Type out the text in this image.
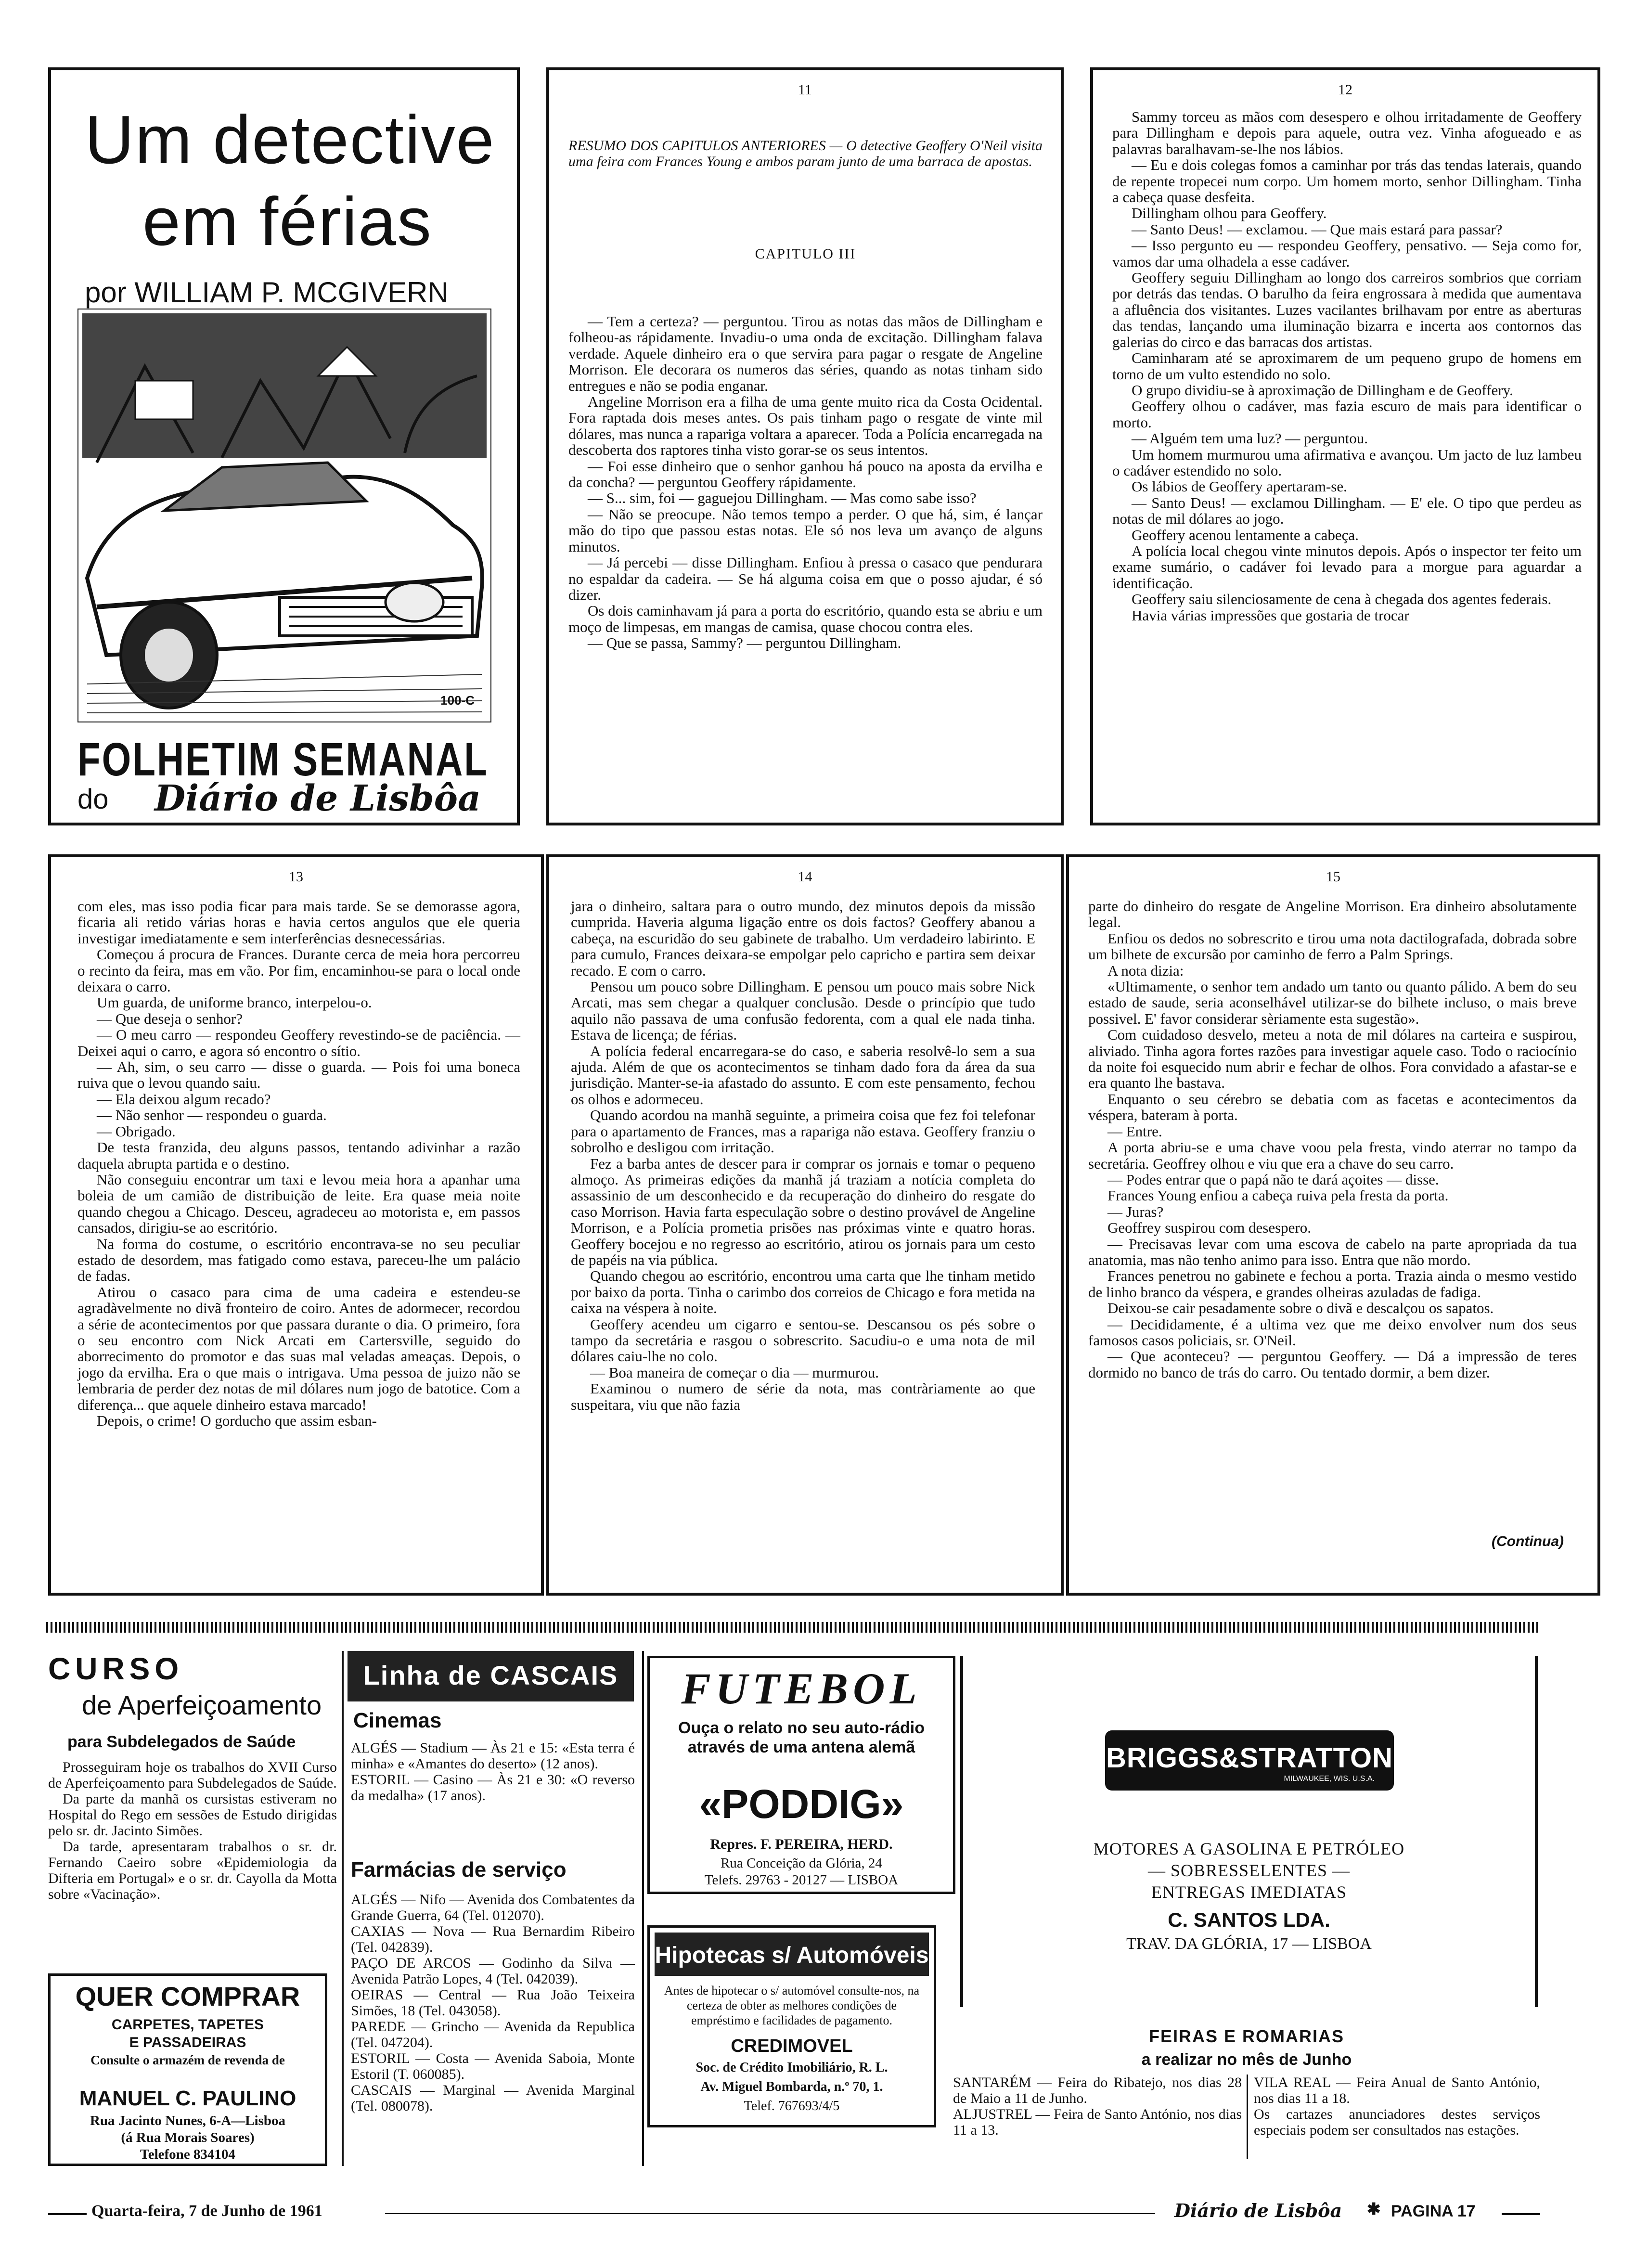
Um detective
em férias
por WILLIAM P. MCGIVERN
100-C
FOLHETIM SEMANAL
do Diário de Lisbôa
11
RESUMO DOS CAPITULOS ANTERIORES — O detective Geoffery O'Neil visita uma feira com Frances Young e ambos param junto de uma barraca de apostas.
CAPITULO III

— Tem a certeza? — perguntou. Tirou as notas das mãos de Dillingham e folheou-as rápidamente. Invadiu-o uma onda de excitação. Dillingham falava verdade. Aquele dinheiro era o que servira para pagar o resgate de Angeline Morrison. Ele decorara os numeros das séries, quando as notas tinham sido entregues e não se podia enganar.

Angeline Morrison era a filha de uma gente muito rica da Costa Ocidental. Fora raptada dois meses antes. Os pais tinham pago o resgate de vinte mil dólares, mas nunca a rapariga voltara a aparecer. Toda a Polícia encarregada na descoberta dos raptores tinha visto gorar-se os seus intentos.

— Foi esse dinheiro que o senhor ganhou há pouco na aposta da ervilha e da concha? — perguntou Geoffery rápidamente.

— S... sim, foi — gaguejou Dillingham. — Mas como sabe isso?

— Não se preocupe. Não temos tempo a perder. O que há, sim, é lançar mão do tipo que passou estas notas. Ele só nos leva um avanço de alguns minutos.

— Já percebi — disse Dillingham. Enfiou à pressa o casaco que pendurara no espaldar da cadeira. — Se há alguma coisa em que o posso ajudar, é só dizer.

Os dois caminhavam já para a porta do escritório, quando esta se abriu e um moço de limpesas, em mangas de camisa, quase chocou contra eles.

— Que se passa, Sammy? — perguntou Dillingham.

12

Sammy torceu as mãos com desespero e olhou irritadamente de Geoffery para Dillingham e depois para aquele, outra vez. Vinha afogueado e as palavras baralhavam-se-lhe nos lábios.

— Eu e dois colegas fomos a caminhar por trás das tendas laterais, quando de repente tropecei num corpo. Um homem morto, senhor Dillingham. Tinha a cabeça quase desfeita.

Dillingham olhou para Geoffery.

— Santo Deus! — exclamou. — Que mais estará para passar?

— Isso pergunto eu — respondeu Geoffery, pensativo. — Seja como for, vamos dar uma olhadela a esse cadáver.

Geoffery seguiu Dillingham ao longo dos carreiros sombrios que corriam por detrás das tendas. O barulho da feira engrossara à medida que aumentava a afluência dos visitantes. Luzes vacilantes brilhavam por entre as aberturas das tendas, lançando uma iluminação bizarra e incerta aos contornos das galerias do circo e das barracas dos artistas.

Caminharam até se aproximarem de um pequeno grupo de homens em torno de um vulto estendido no solo.

O grupo dividiu-se à aproximação de Dillingham e de Geoffery.

Geoffery olhou o cadáver, mas fazia escuro de mais para identificar o morto.

— Alguém tem uma luz? — perguntou.

Um homem murmurou uma afirmativa e avançou. Um jacto de luz lambeu o cadáver estendido no solo.

Os lábios de Geoffery apertaram-se.

— Santo Deus! — exclamou Dillingham. — E' ele. O tipo que perdeu as notas de mil dólares ao jogo.

Geoffery acenou lentamente a cabeça.

A polícia local chegou vinte minutos depois. Após o inspector ter feito um exame sumário, o cadáver foi levado para a morgue para aguardar a identificação.

Geoffery saiu silenciosamente de cena à chegada dos agentes federais.

Havia várias impressões que gostaria de trocar

13

com eles, mas isso podia ficar para mais tarde. Se se demorasse agora, ficaria ali retido várias horas e havia certos angulos que ele queria investigar imediatamente e sem interferências desnecessárias.

Começou á procura de Frances. Durante cerca de meia hora percorreu o recinto da feira, mas em vão. Por fim, encaminhou-se para o local onde deixara o carro.

Um guarda, de uniforme branco, interpelou-o.

— Que deseja o senhor?

— O meu carro — respondeu Geoffery revestindo-se de paciência. — Deixei aqui o carro, e agora só encontro o sítio.

— Ah, sim, o seu carro — disse o guarda. — Pois foi uma boneca ruiva que o levou quando saiu.

— Ela deixou algum recado?

— Não senhor — respondeu o guarda.

— Obrigado.

De testa franzida, deu alguns passos, tentando adivinhar a razão daquela abrupta partida e o destino.

Não conseguiu encontrar um taxi e levou meia hora a apanhar uma boleia de um camião de distribuição de leite. Era quase meia noite quando chegou a Chicago. Desceu, agradeceu ao motorista e, em passos cansados, dirigiu-se ao escritório.

Na forma do costume, o escritório encontrava-se no seu peculiar estado de desordem, mas fatigado como estava, pareceu-lhe um palácio de fadas.

Atirou o casaco para cima de uma cadeira e estendeu-se agradàvelmente no divã fronteiro de coiro. Antes de adormecer, recordou a série de acontecimentos por que passara durante o dia. O primeiro, fora o seu encontro com Nick Arcati em Cartersville, seguido do aborrecimento do promotor e das suas mal veladas ameaças. Depois, o jogo da ervilha. Era o que mais o intrigava. Uma pessoa de juizo não se lembraria de perder dez notas de mil dólares num jogo de batotice. Com a diferença... que aquele dinheiro estava marcado!

Depois, o crime! O gorducho que assim esban-

14

jara o dinheiro, saltara para o outro mundo, dez minutos depois da missão cumprida. Haveria alguma ligação entre os dois factos? Geoffery abanou a cabeça, na escuridão do seu gabinete de trabalho. Um verdadeiro labirinto. E para cumulo, Frances deixara-se empolgar pelo capricho e partira sem deixar recado. E com o carro.

Pensou um pouco sobre Dillingham. E pensou um pouco mais sobre Nick Arcati, mas sem chegar a qualquer conclusão. Desde o princípio que tudo aquilo não passava de uma confusão fedorenta, com a qual ele nada tinha. Estava de licença; de férias.

A polícia federal encarregara-se do caso, e saberia resolvê-lo sem a sua ajuda. Além de que os acontecimentos se tinham dado fora da área da sua jurisdição. Manter-se-ia afastado do assunto. E com este pensamento, fechou os olhos e adormeceu.

Quando acordou na manhã seguinte, a primeira coisa que fez foi telefonar para o apartamento de Frances, mas a rapariga não estava. Geoffery franziu o sobrolho e desligou com irritação.

Fez a barba antes de descer para ir comprar os jornais e tomar o pequeno almoço. As primeiras edições da manhã já traziam a notícia completa do assassinio de um desconhecido e da recuperação do dinheiro do resgate do caso Morrison. Havia farta especulação sobre o destino provável de Angeline Morrison, e a Polícia prometia prisões nas próximas vinte e quatro horas. Geoffery bocejou e no regresso ao escritório, atirou os jornais para um cesto de papéis na via pública.

Quando chegou ao escritório, encontrou uma carta que lhe tinham metido por baixo da porta. Tinha o carimbo dos correios de Chicago e fora metida na caixa na véspera à noite.

Geoffery acendeu um cigarro e sentou-se. Descansou os pés sobre o tampo da secretária e rasgou o sobrescrito. Sacudiu-o e uma nota de mil dólares caiu-lhe no colo.

— Boa maneira de começar o dia — murmurou.

Examinou o numero de série da nota, mas contràriamente ao que suspeitara, viu que não fazia

15

parte do dinheiro do resgate de Angeline Morrison. Era dinheiro absolutamente legal.

Enfiou os dedos no sobrescrito e tirou uma nota dactilografada, dobrada sobre um bilhete de excursão por caminho de ferro a Palm Springs.

A nota dizia:

«Ultimamente, o senhor tem andado um tanto ou quanto pálido. A bem do seu estado de saude, seria aconselhável utilizar-se do bilhete incluso, o mais breve possivel. E' favor considerar sèriamente esta sugestão».

Com cuidadoso desvelo, meteu a nota de mil dólares na carteira e suspirou, aliviado. Tinha agora fortes razões para investigar aquele caso. Todo o raciocínio da noite foi esquecido num abrir e fechar de olhos. Fora convidado a afastar-se e era quanto lhe bastava.

Enquanto o seu cérebro se debatia com as facetas e acontecimentos da véspera, bateram à porta.

— Entre.

A porta abriu-se e uma chave voou pela fresta, vindo aterrar no tampo da secretária. Geoffrey olhou e viu que era a chave do seu carro.

— Podes entrar que o papá não te dará açoites — disse.

Frances Young enfiou a cabeça ruiva pela fresta da porta.

— Juras?

Geoffrey suspirou com desespero.

— Precisavas levar com uma escova de cabelo na parte apropriada da tua anatomia, mas não tenho animo para isso. Entra que não mordo.

Frances penetrou no gabinete e fechou a porta. Trazia ainda o mesmo vestido de linho branco da véspera, e grandes olheiras azuladas de fadiga.

Deixou-se cair pesadamente sobre o divã e descalçou os sapatos.

— Decididamente, é a ultima vez que me deixo envolver num dos seus famosos casos policiais, sr. O'Neil.

— Que aconteceu? — perguntou Geoffery. — Dá a impressão de teres dormido no banco de trás do carro. Ou tentado dormir, a bem dizer.

(Continua)
CURSO
de Aperfeiçoamento
para Subdelegados de Saúde

Prosseguiram hoje os trabalhos do XVII Curso de Aperfeiçoamento para Subdelegados de Saúde.

Da parte da manhã os cursistas estiveram no Hospital do Rego em sessões de Estudo dirigidas pelo sr. dr. Jacinto Simões.

Da tarde, apresentaram trabalhos o sr. dr. Fernando Caeiro sobre «Epidemiologia da Difteria em Portugal» e o sr. dr. Cayolla da Motta sobre «Vacinação».

QUER COMPRAR
CARPETES, TAPETES
E PASSADEIRAS
Consulte o armazém de revenda de
MANUEL C. PAULINO
Rua Jacinto Nunes, 6-A—Lisboa
(á Rua Morais Soares)
Telefone 834104
Linha de CASCAIS
Cinemas

ALGÉS — Stadium — Às 21 e 15: «Esta terra é minha» e «Amantes do deserto» (12 anos).

ESTORIL — Casino — Às 21 e 30: «O reverso da medalha» (17 anos).

Farmácias de serviço

ALGÉS — Nifo — Avenida dos Combatentes da Grande Guerra, 64 (Tel. 012070).

CAXIAS — Nova — Rua Bernardim Ribeiro (Tel. 042839).

PAÇO DE ARCOS — Godinho da Silva — Avenida Patrão Lopes, 4 (Tel. 042039).

OEIRAS — Central — Rua João Teixeira Simões, 18 (Tel. 043058).

PAREDE — Grincho — Avenida da Republica (Tel. 047204).

ESTORIL — Costa — Avenida Saboia, Monte Estoril (T. 060085).

CASCAIS — Marginal — Avenida Marginal (Tel. 080078).

FUTEBOL
Ouça o relato no seu auto-rádio através de uma antena alemã
«PODDIG»
Repres. F. PEREIRA, HERD.
Rua Conceição da Glória, 24
Telefs. 29763 - 20127 — LISBOA
Hipotecas s/ Automóveis
Antes de hipotecar o s/ automóvel consulte-nos, na certeza de obter as melhores condições de empréstimo e facilidades de pagamento.
CREDIMOVEL
Soc. de Crédito Imobiliário, R. L.
Av. Miguel Bombarda, n.º 70, 1.
Telef. 767693/4/5
BRIGGS&STRATTON
MILWAUKEE, WIS. U.S.A.
MOTORES A GASOLINA E PETRÓLEO
— SOBRESSELENTES —
ENTREGAS IMEDIATAS
C. SANTOS LDA.
TRAV. DA GLÓRIA, 17 — LISBOA
FEIRAS E ROMARIAS
a realizar no mês de Junho

SANTARÉM — Feira do Ribatejo, nos dias 28 de Maio a 11 de Junho.

ALJUSTREL — Feira de Santo António, nos dias 11 a 13.

VILA REAL — Feira Anual de Santo António, nos dias 11 a 18.

Os cartazes anunciadores destes serviços especiais podem ser consultados nas estações.

Quarta-feira, 7 de Junho de 1961	Diário de Lisbôa ✱ PAGINA 17
